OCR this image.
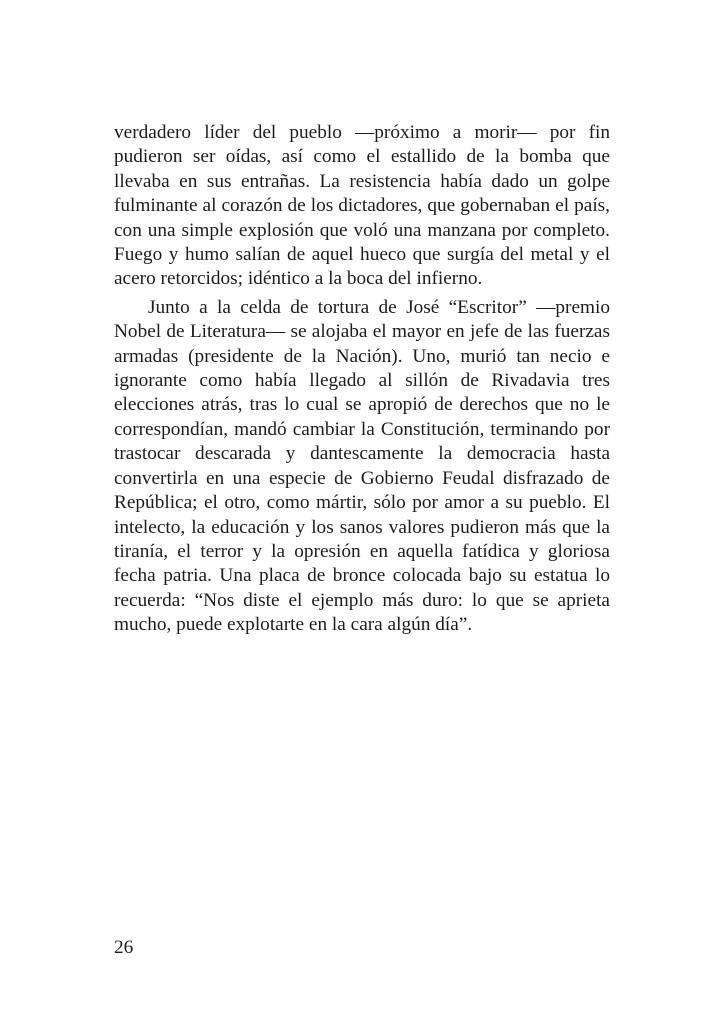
verdadero líder del pueblo —próximo a morir— por fin pudieron ser oídas, así como el estallido de la bomba que llevaba en sus entrañas. La resistencia había dado un golpe fulminante al corazón de los dictadores, que gobernaban el país, con una simple explosión que voló una manzana por completo. Fuego y humo salían de aquel hueco que surgía del metal y el acero retorcidos; idéntico a la boca del infierno.

Junto a la celda de tortura de José “Escritor” —premio Nobel de Literatura— se alojaba el mayor en jefe de las fuerzas armadas (presidente de la Nación). Uno, murió tan necio e ignorante como había llegado al sillón de Rivadavia tres elecciones atrás, tras lo cual se apropió de derechos que no le correspondían, mandó cambiar la Constitución, terminando por trastocar descarada y dantescamente la democracia hasta convertirla en una especie de Gobierno Feudal disfrazado de República; el otro, como mártir, sólo por amor a su pueblo. El intelecto, la educación y los sanos valores pudieron más que la tiranía, el terror y la opresión en aquella fatídica y gloriosa fecha patria. Una placa de bronce colocada bajo su estatua lo recuerda: “Nos diste el ejemplo más duro: lo que se aprieta mucho, puede explotarte en la cara algún día”.

26
